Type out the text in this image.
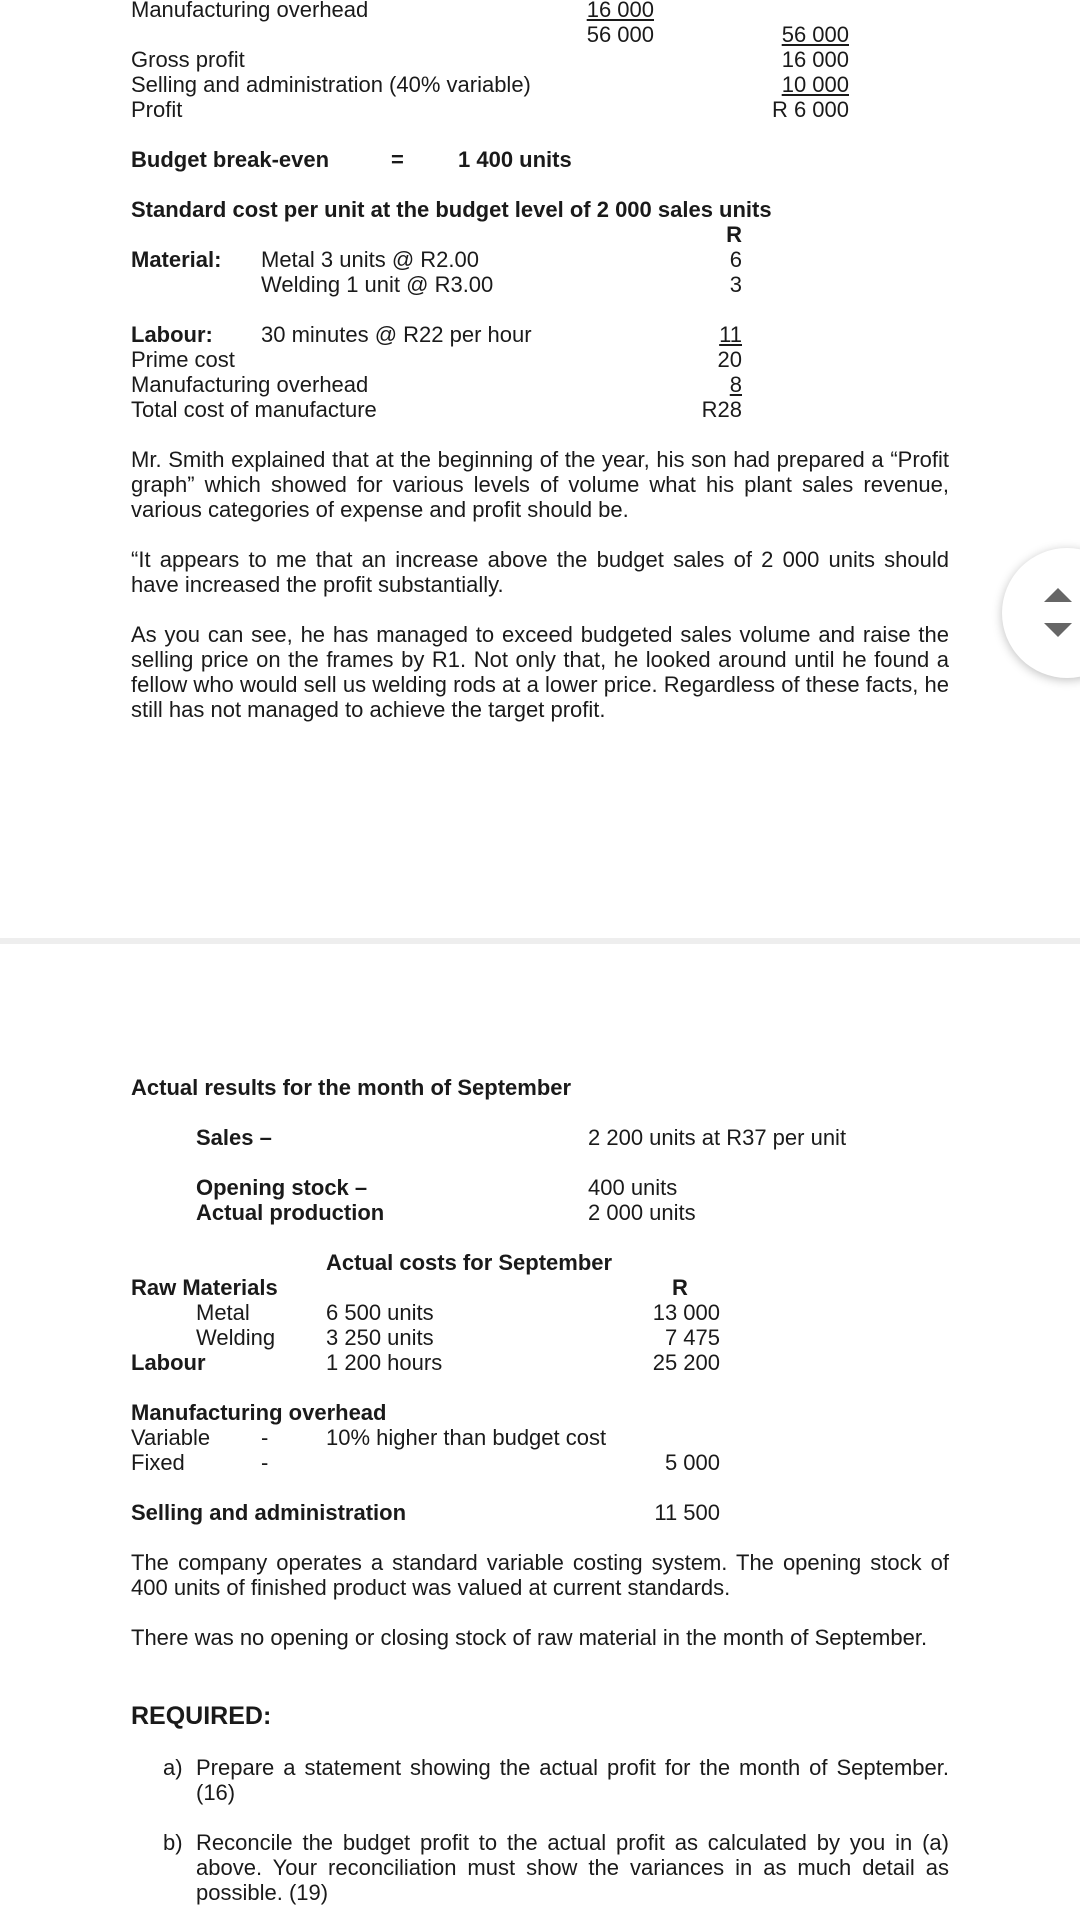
Manufacturing overhead	16 000
56 000	56 000
Gross profit	16 000
Selling and administration (40% variable)	10 000
Profit	R 6 000
Budget break-even	= 1 400 units
Standard cost per unit at the budget level of 2 000 sales units
R
Material: Metal 3 units @ R2.00	6
Welding 1 unit @ R3.00	3
Labour: 30 minutes @ R22 per hour	11
Prime cost	20
Manufacturing overhead	8
Total cost of manufacture	R28
Mr. Smith explained that at the beginning of the year, his son had prepared a “Profit graph” which showed for various levels of volume what his plant sales revenue, various categories of expense and profit should be.
“It appears to me that an increase above the budget sales of 2 000 units should have increased the profit substantially.
As you can see, he has managed to exceed budgeted sales volume and raise the selling price on the frames by R1. Not only that, he looked around until he found a fellow who would sell us welding rods at a lower price. Regardless of these facts, he still has not managed to achieve the target profit.
Actual results for the month of September
Sales –	2 200 units at R37 per unit
Opening stock –	400 units
Actual production	2 000 units
Actual costs for September
Raw Materials	R
Metal	6 500 units	13 000
Welding 3 250 units	7 475
Labour	1 200 hours	25 200
Manufacturing overhead
Variable -	10% higher than budget cost
Fixed	-	5 000
Selling and administration	11 500
The company operates a standard variable costing system. The opening stock of 400 units of finished product was valued at current standards.
There was no opening or closing stock of raw material in the month of September.
REQUIRED:
a) Prepare a statement showing the actual profit for the month of September. (16)
b) Reconcile the budget profit to the actual profit as calculated by you in (a) above. Your reconciliation must show the variances in as much detail as possible. (19)
